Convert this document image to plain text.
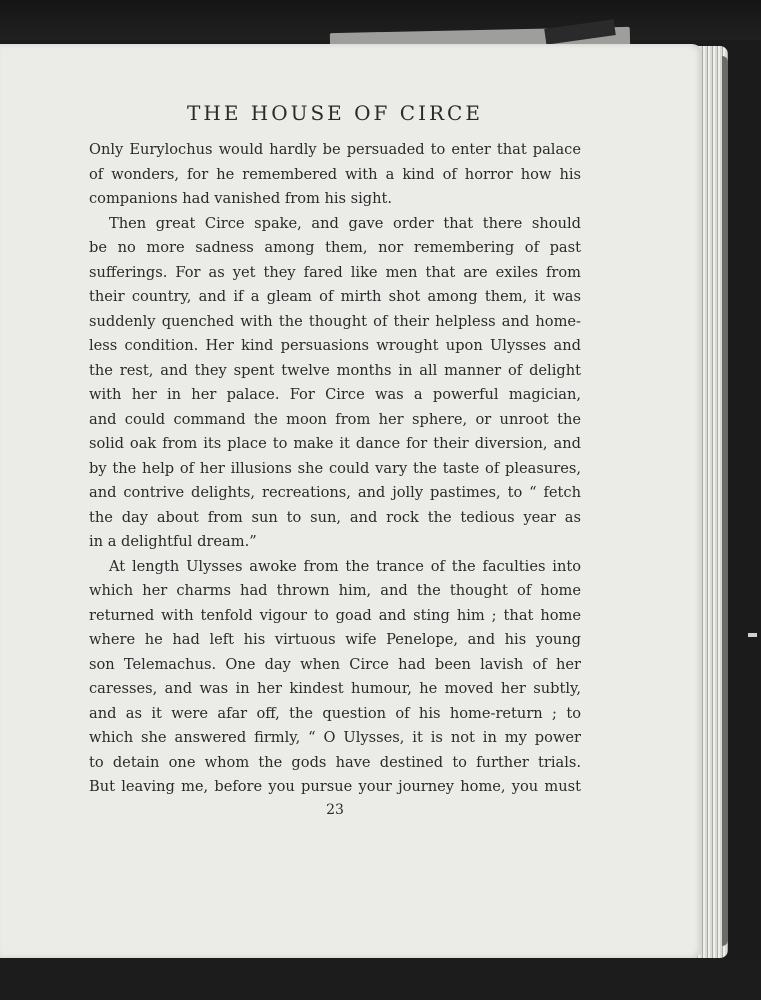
THE HOUSE OF CIRCE
Only Eurylochus would hardly be persuaded to enter that palace
of wonders, for he remembered with a kind of horror how his
companions had vanished from his sight.
Then great Circe spake, and gave order that there should
be no more sadness among them, nor remembering of past
sufferings. For as yet they fared like men that are exiles from
their country, and if a gleam of mirth shot among them, it was
suddenly quenched with the thought of their helpless and home-
less condition. Her kind persuasions wrought upon Ulysses and
the rest, and they spent twelve months in all manner of delight
with her in her palace. For Circe was a powerful magician,
and could command the moon from her sphere, or unroot the
solid oak from its place to make it dance for their diversion, and
by the help of her illusions she could vary the taste of pleasures,
and contrive delights, recreations, and jolly pastimes, to “ fetch
the day about from sun to sun, and rock the tedious year as
in a delightful dream.”
At length Ulysses awoke from the trance of the faculties into
which her charms had thrown him, and the thought of home
returned with tenfold vigour to goad and sting him ; that home
where he had left his virtuous wife Penelope, and his young
son Telemachus. One day when Circe had been lavish of her
caresses, and was in her kindest humour, he moved her subtly,
and as it were afar off, the question of his home-return ; to
which she answered firmly, “ O Ulysses, it is not in my power
to detain one whom the gods have destined to further trials.
But leaving me, before you pursue your journey home, you must
23
